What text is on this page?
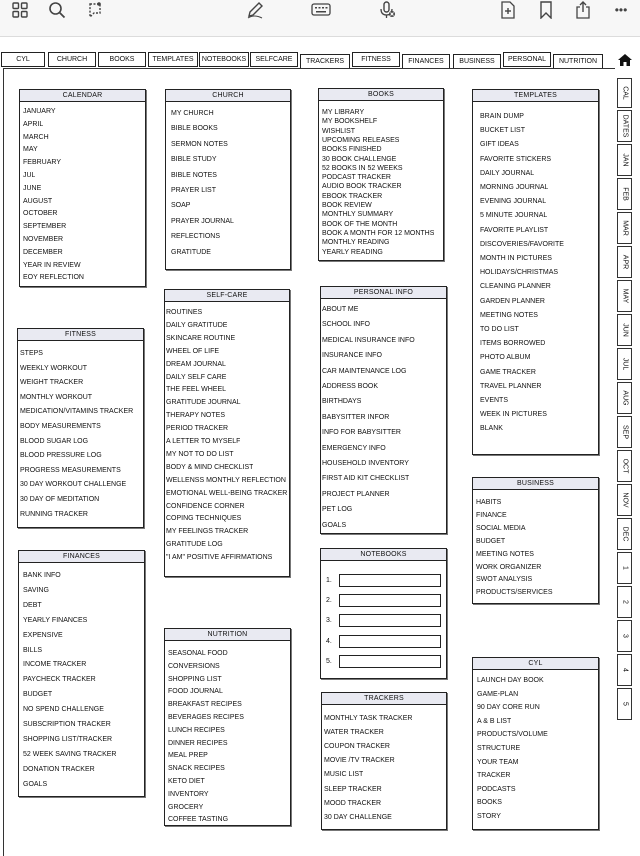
•••
CYL	CHURCH	BOOKS	TEMPLATES	NOTEBOOKS	SELFCARE	TRACKERS	FITNESS	FINANCES	BUSINESS	PERSONAL	NUTRITION
CAL
DATES
JAN
FEB
MAR
APR
MAY
JUN
JUL
AUG
SEP
OCT
NOV
DEC
1
2
3
4
5
CALENDAR
JANUARY
APRIL
MARCH
MAY
FEBRUARY
JUL
JUNE
AUGUST
OCTOBER
SEPTEMBER
NOVEMBER
DECEMBER
YEAR IN REVIEW
EOY REFLECTION
CHURCH
MY CHURCH
BIBLE BOOKS
SERMON NOTES
BIBLE STUDY
BIBLE NOTES
PRAYER LIST
SOAP
PRAYER JOURNAL
REFLECTIONS
GRATITUDE
BOOKS
MY LIBRARY
MY BOOKSHELF
WISHLIST
UPCOMING RELEASES
BOOKS FINISHED
30 BOOK CHALLENGE
52 BOOKS IN 52 WEEKS
PODCAST TRACKER
AUDIO BOOK TRACKER
EBOOK TRACKER
BOOK REVIEW
MONTHLY SUMMARY
BOOK OF THE MONTH
BOOK A MONTH FOR 12 MONTHS
MONTHLY READING
YEARLY READING
TEMPLATES
BRAIN DUMP
BUCKET LIST
GIFT IDEAS
FAVORITE STICKERS
DAILY JOURNAL
MORNING JOURNAL
EVENING JOURNAL
5 MINUTE JOURNAL
FAVORITE PLAYLIST
DISCOVERIES/FAVORITE
MONTH IN PICTURES
HOLIDAYS/CHRISTMAS
CLEANING PLANNER
GARDEN PLANNER
MEETING NOTES
TO DO LIST
ITEMS BORROWED
PHOTO ALBUM
GAME TRACKER
TRAVEL PLANNER
EVENTS
WEEK IN PICTURES
BLANK
SELF-CARE
ROUTINES
DAILY GRATITUDE
SKINCARE ROUTINE
WHEEL OF LIFE
DREAM JOURNAL
DAILY SELF CARE
THE FEEL WHEEL
GRATITUDE JOURNAL
THERAPY NOTES
PERIOD TRACKER
A LETTER TO MYSELF
MY NOT TO DO LIST
BODY & MIND CHECKLIST
WELLENSS MONTHLY REFLECTION
EMOTIONAL WELL-BEING TRACKER
CONFIDENCE CORNER
COPING TECHNIQUES
MY FEELINGS TRACKER
GRATITUDE LOG
"I AM" POSITIVE AFFIRMATIONS
PERSONAL INFO
ABOUT ME
SCHOOL INFO
MEDICAL INSURANCE INFO
INSURANCE INFO
CAR MAINTENANCE LOG
ADDRESS BOOK
BIRTHDAYS
BABYSITTER INFOR
INFO FOR BABYSITTER
EMERGENCY INFO
HOUSEHOLD INVENTORY
FIRST AID KIT CHECKLIST
PROJECT PLANNER
PET LOG
GOALS
FITNESS
STEPS
WEEKLY WORKOUT
WEIGHT TRACKER
MONTHLY WORKOUT
MEDICATION/VITAMINS TRACKER
BODY MEASUREMENTS
BLOOD SUGAR LOG
BLOOD PRESSURE LOG
PROGRESS MEASUREMENTS
30 DAY WORKOUT CHALLENGE
30 DAY OF MEDITATION
RUNNING TRACKER
BUSINESS
HABITS
FINANCE
SOCIAL MEDIA
BUDGET
MEETING NOTES
WORK ORGANIZER
SWOT ANALYSIS
PRODUCTS/SERVICES
NOTEBOOKS
1.
2.
3.
4.
5.
FINANCES
BANK INFO
SAVING
DEBT
YEARLY FINANCES
EXPENSIVE
BILLS
INCOME TRACKER
PAYCHECK TRACKER
BUDGET
NO SPEND CHALLENGE
SUBSCRIPTION TRACKER
SHOPPING LIST/TRACKER
52 WEEK SAVING TRACKER
DONATION TRACKER
GOALS
NUTRITION
SEASONAL FOOD
CONVERSIONS
SHOPPING LIST
FOOD JOURNAL
BREAKFAST RECIPES
BEVERAGES RECIPES
LUNCH RECIPES
DINNER RECIPES
MEAL PREP
SNACK RECIPES
KETO DIET
INVENTORY
GROCERY
COFFEE TASTING
TRACKERS
MONTHLY TASK TRACKER
WATER TRACKER
COUPON TRACKER
MOVIE /TV TRACKER
MUSIC LIST
SLEEP TRACKER
MOOD TRACKER
30 DAY CHALLENGE
CYL
LAUNCH DAY BOOK
GAME-PLAN
90 DAY CORE RUN
A & B LIST
PRODUCTS/VOLUME
STRUCTURE
YOUR TEAM
TRACKER
PODCASTS
BOOKS
STORY
